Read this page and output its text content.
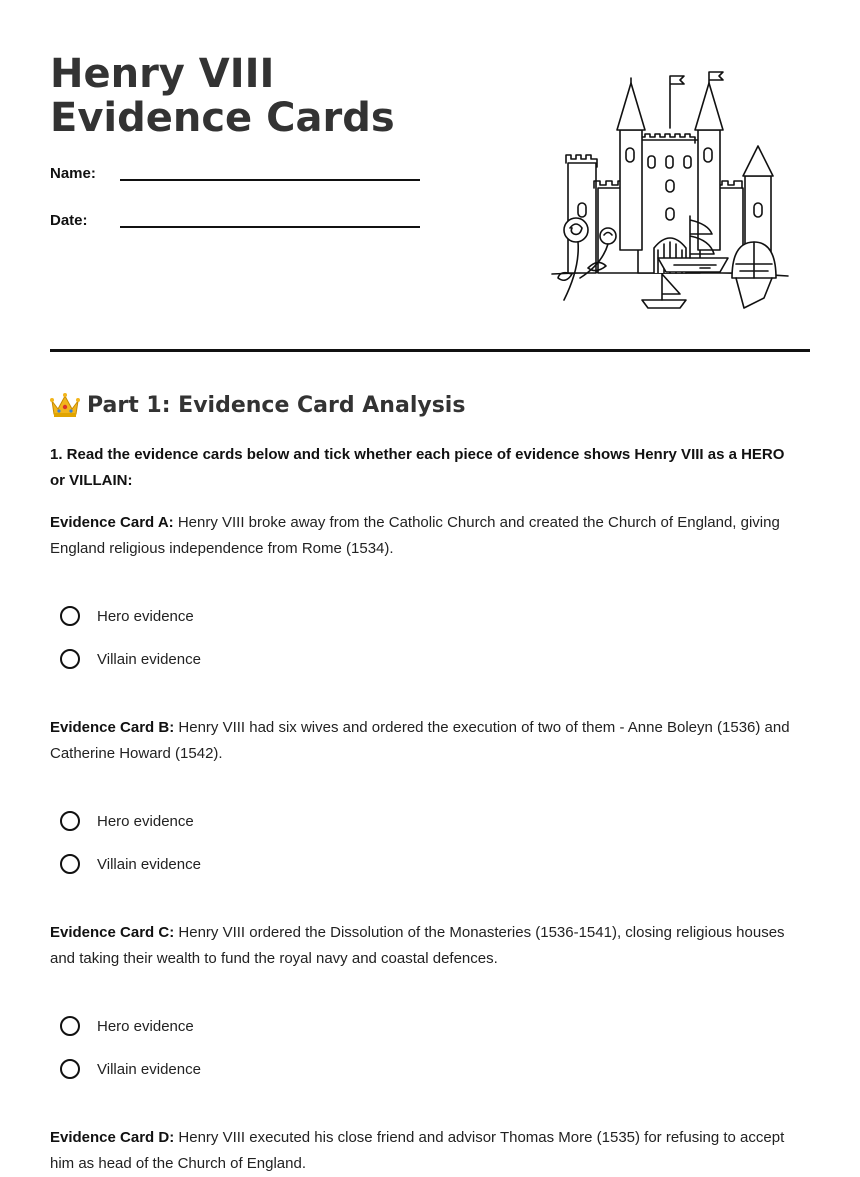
Henry VIII Evidence Cards
Name:
Date:
Part 1: Evidence Card Analysis

1. Read the evidence cards below and tick whether each piece of evidence shows Henry VIII as a HERO or VILLAIN:

Evidence Card A: Henry VIII broke away from the Catholic Church and created the Church of England, giving England religious independence from Rome (1534).

Hero evidence
Villain evidence

Evidence Card B: Henry VIII had six wives and ordered the execution of two of them - Anne Boleyn (1536) and Catherine Howard (1542).

Hero evidence
Villain evidence

Evidence Card C: Henry VIII ordered the Dissolution of the Monasteries (1536-1541), closing religious houses and taking their wealth to fund the royal navy and coastal defences.

Hero evidence
Villain evidence

Evidence Card D: Henry VIII executed his close friend and advisor Thomas More (1535) for refusing to accept him as head of the Church of England.
